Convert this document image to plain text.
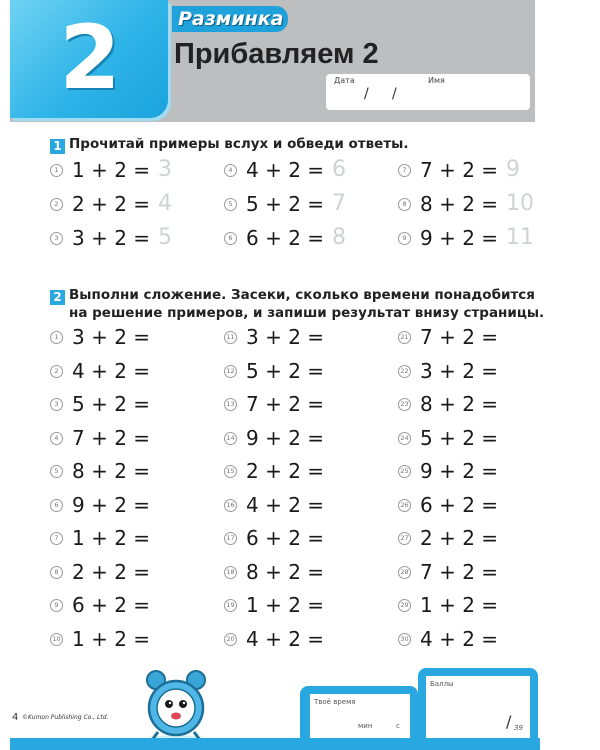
2	Разминка
Прибавляем 2
Дата	Имя
/ /
1 Прочитай примеры вслух и обведи ответы.
1 1 + 2 = 3
2 2 + 2 = 4
3 3 + 2 = 5
4 4 + 2 = 6
5 5 + 2 = 7
6 6 + 2 = 8
7 7 + 2 = 9
8 8 + 2 = 10
9 9 + 2 = 11
2 Выполни сложение. Засеки, сколько времени понадобится
на решение примеров, и запиши результат внизу страницы.
1 3 + 2 =
2 4 + 2 =
3 5 + 2 =
4 7 + 2 =
5 8 + 2 =
6 9 + 2 =
7 1 + 2 =
8 2 + 2 =
9 6 + 2 =
10 1 + 2 =
11 3 + 2 =
12 5 + 2 =
13 7 + 2 =
14 9 + 2 =
15 2 + 2 =
16 4 + 2 =
17 6 + 2 =
18 8 + 2 =
19 1 + 2 =
20 4 + 2 =
21 7 + 2 =
22 3 + 2 =
23 8 + 2 =
24 5 + 2 =
25 9 + 2 =
26 6 + 2 =
27 2 + 2 =
28 7 + 2 =
29 1 + 2 =
30 4 + 2 =
4 ©Kumon Publishing Co., Ltd.
Твоё время
мин	с
Баллы
/ 39
